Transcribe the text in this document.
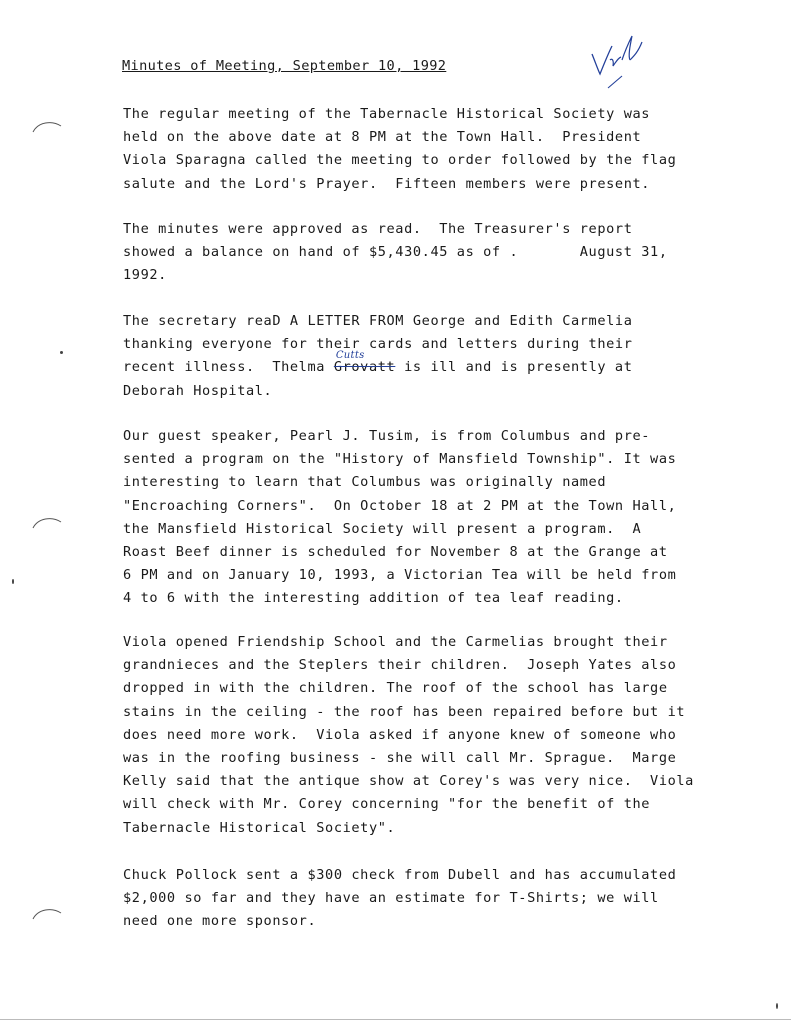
Minutes of Meeting, September 10, 1992
The regular meeting of the Tabernacle Historical Society was
held on the above date at 8 PM at the Town Hall.  President
Viola Sparagna called the meeting to order followed by the flag
salute and the Lord's Prayer.  Fifteen members were present.
The minutes were approved as read.  The Treasurer's report
showed a balance on hand of $5,430.45 as of .       August 31,
1992.
The secretary reaD A LETTER FROM George and Edith Carmelia
thanking everyone for their cards and letters during their
recent illness.  Thelma Grovatt
Cutts
is ill and is presently at
Deborah Hospital.
Our guest speaker, Pearl J. Tusim, is from Columbus and pre-
sented a program on the "History of Mansfield Township". It was
interesting to learn that Columbus was originally named
"Encroaching Corners".  On October 18 at 2 PM at the Town Hall,
the Mansfield Historical Society will present a program.  A
Roast Beef dinner is scheduled for November 8 at the Grange at
6 PM and on January 10, 1993, a Victorian Tea will be held from
4 to 6 with the interesting addition of tea leaf reading.
Viola opened Friendship School and the Carmelias brought their
grandnieces and the Steplers their children.  Joseph Yates also
dropped in with the children. The roof of the school has large
stains in the ceiling - the roof has been repaired before but it
does need more work.  Viola asked if anyone knew of someone who
was in the roofing business - she will call Mr. Sprague.  Marge
Kelly said that the antique show at Corey's was very nice.  Viola
will check with Mr. Corey concerning "for the benefit of the
Tabernacle Historical Society".
Chuck Pollock sent a $300 check from Dubell and has accumulated
$2,000 so far and they have an estimate for T-Shirts; we will
need one more sponsor.
